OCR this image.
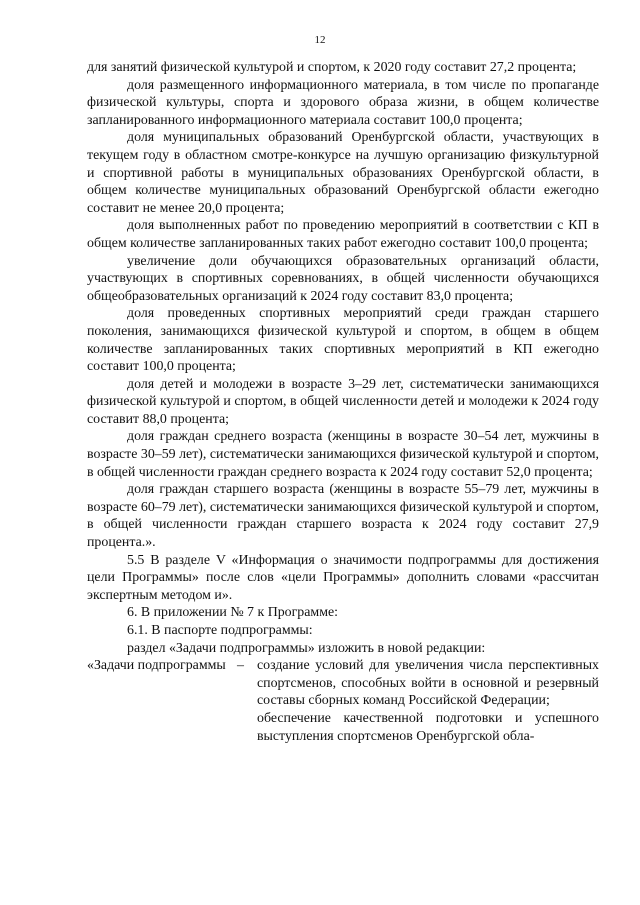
12

для занятий физической культурой и спортом, к 2020 году составит 27,2 процента;

доля размещенного информационного материала, в том числе по пропаганде физической культуры, спорта и здорового образа жизни, в общем количестве запланированного информационного материала составит 100,0 процента;

доля муниципальных образований Оренбургской области, участвующих в текущем году в областном смотре-конкурсе на лучшую организацию физкультурной и спортивной работы в муниципальных образованиях Оренбургской области, в общем количестве муниципальных образований Оренбургской области ежегодно составит не менее 20,0 процента;

доля выполненных работ по проведению мероприятий в соответствии с КП в общем количестве запланированных таких работ ежегодно составит 100,0 процента;

увеличение доли обучающихся образовательных организаций области, участвующих в спортивных соревнованиях, в общей численности обучающихся общеобразовательных организаций к 2024 году составит 83,0 процента;

доля проведенных спортивных мероприятий среди граждан старшего поколения, занимающихся физической культурой и спортом, в общем в общем количестве запланированных таких спортивных мероприятий в КП ежегодно составит 100,0 процента;

доля детей и молодежи в возрасте 3–29 лет, систематически занимающихся физической культурой и спортом, в общей численности детей и молодежи к 2024 году составит 88,0 процента;

доля граждан среднего возраста (женщины в возрасте 30–54 лет, мужчины в возрасте 30–59 лет), систематически занимающихся физической культурой и спортом, в общей численности граждан среднего возраста к 2024 году составит 52,0 процента;

доля граждан старшего возраста (женщины в возрасте 55–79 лет, мужчины в возрасте 60–79 лет), систематически занимающихся физической культурой и спортом, в общей численности граждан старшего возраста к 2024 году составит 27,9 процента.».

5.5 В разделе V «Информация о значимости подпрограммы для достижения цели Программы» после слов «цели Программы» дополнить словами «рассчитан экспертным методом и».

6. В приложении № 7 к Программе:

6.1. В паспорте подпрограммы:

раздел «Задачи подпрограммы» изложить в новой редакции:

«Задачи подпрограммы	–	создание условий для увеличения числа перспективных спортсменов, способных войти в основной и резервный составы сборных команд Российской Федерации;

обеспечение качественной подготовки и успешного выступления спортсменов Оренбургской обла-
